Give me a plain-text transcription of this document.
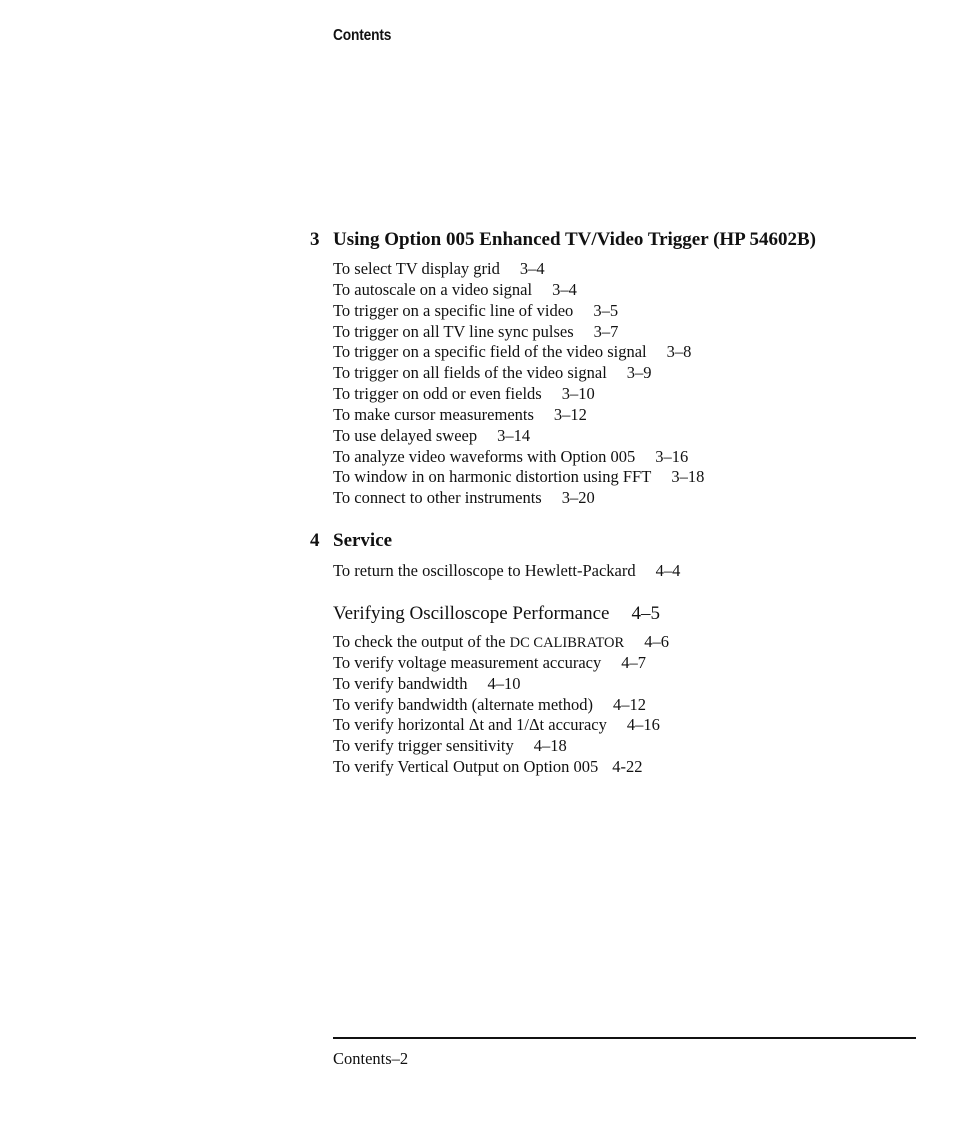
Contents
3 Using Option 005 Enhanced TV/Video Trigger (HP 54602B)
To select TV display grid 3–4
To autoscale on a video signal 3–4
To trigger on a specific line of video 3–5
To trigger on all TV line sync pulses 3–7
To trigger on a specific field of the video signal 3–8
To trigger on all fields of the video signal 3–9
To trigger on odd or even fields 3–10
To make cursor measurements 3–12
To use delayed sweep 3–14
To analyze video waveforms with Option 005 3–16
To window in on harmonic distortion using FFT 3–18
To connect to other instruments 3–20
4 Service
To return the oscilloscope to Hewlett-Packard 4–4
Verifying Oscilloscope Performance 4–5
To check the output of the DC CALIBRATOR 4–6
To verify voltage measurement accuracy 4–7
To verify bandwidth 4–10
To verify bandwidth (alternate method) 4–12
To verify horizontal Δt and 1/Δt accuracy 4–16
To verify trigger sensitivity 4–18
To verify Vertical Output on Option 005 4-22
Contents–2
